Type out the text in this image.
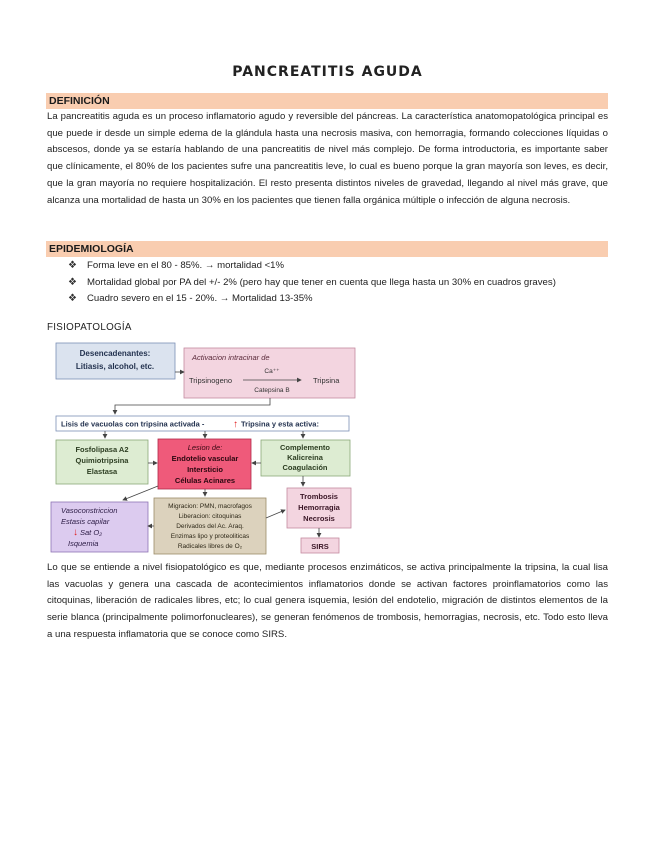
PANCREATITIS AGUDA
DEFINICIÓN

La pancreatitis aguda es un proceso inflamatorio agudo y reversible del páncreas. La característica anatomopatológica principal es que puede ir desde un simple edema de la glándula hasta una necrosis masiva, con hemorragia, formando colecciones líquidas o abscesos, donde ya se estaría hablando de una pancreatitis de nivel más complejo. De forma introductoria, es importante saber que clínicamente, el 80% de los pacientes sufre una pancreatitis leve, lo cual es bueno porque la gran mayoría son leves, es decir, que la gran mayoría no requiere hospitalización. El resto presenta distintos niveles de gravedad, llegando al nivel más grave, que alcanza una mortalidad de hasta un 30% en los pacientes que tienen falla orgánica múltiple o infección de alguna necrosis.

EPIDEMIOLOGÍA
❖ Forma leve en el 80 - 85%. → mortalidad <1%
❖ Mortalidad global por PA del +/- 2% (pero hay que tener en cuenta que llega hasta un 30% en cuadros graves)
❖ Cuadro severo en el 15 - 20%. → Mortalidad 13-35%
FISIOPATOLOGÍA
Desencadenantes:
Litiasis, alcohol, etc.
Activacion intracinar de
Tripsinogeno
Ca⁺⁺
Catepsina B
Tripsina
Lisis de vacuolas con tripsina activada -	↑ Tripsina y esta activa:
Fosfolipasa A2
Quimiotripsina
Elastasa
Lesion de:
Endotelio vascular
Intersticio
Células Acinares
Complemento
Kalicreina
Coagulación
Vasoconstriccion
Estasis capilar
↓ Sat O₂
Isquemia
Migracion: PMN, macrofagos
Liberacion: citoquinas
Derivados del Ac. Araq.
Enzimas lipo y proteoliticas
Radicales libres de O₂
Trombosis
Hemorragia
Necrosis
SIRS

Lo que se entiende a nivel fisiopatológico es que, mediante procesos enzimáticos, se activa principalmente la tripsina, la cual lisa las vacuolas y genera una cascada de acontecimientos inflamatorios donde se activan factores proinflamatorios como las citoquinas, liberación de radicales libres, etc; lo cual genera isquemia, lesión del endotelio, migración de distintos elementos de la serie blanca (principalmente polimorfonucleares), se generan fenómenos de trombosis, hemorragias, necrosis, etc. Todo esto lleva a una respuesta inflamatoria que se conoce como SIRS.
